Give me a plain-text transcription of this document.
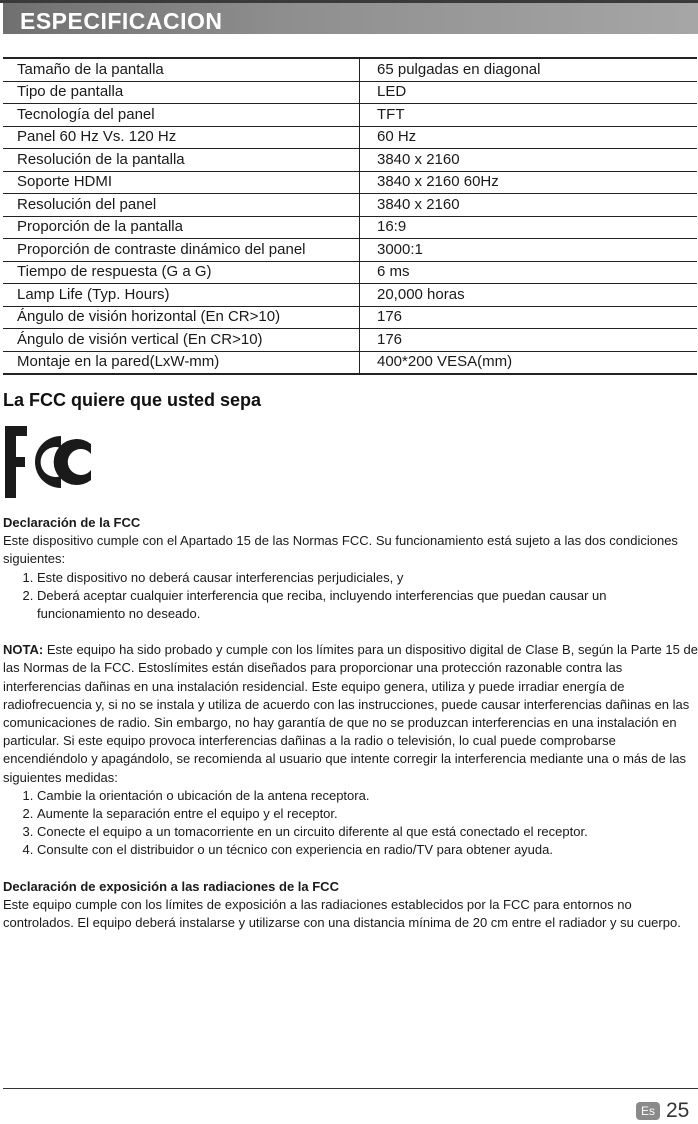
ESPECIFICACION
Tamaño de la pantalla	65 pulgadas en diagonal
Tipo de pantalla	LED
Tecnología del panel	TFT
Panel 60 Hz Vs. 120 Hz	60 Hz
Resolución de la pantalla	3840 x 2160
Soporte HDMI	3840 x 2160 60Hz
Resolución del panel	3840 x 2160
Proporción de la pantalla	16:9
Proporción de contraste dinámico del panel	3000:1
Tiempo de respuesta (G a G)	6 ms
Lamp Life (Typ. Hours)	20,000 horas
Ángulo de visión horizontal (En CR>10)	176
Ángulo de visión vertical (En CR>10)	176
Montaje en la pared(LxW-mm)	400*200 VESA(mm)
La FCC quiere que usted sepa

Declaración de la FCC

Este dispositivo cumple con el Apartado 15 de las Normas FCC. Su funcionamiento está sujeto a las dos condiciones siguientes:

1. Este dispositivo no deberá causar interferencias perjudiciales, y
2. Deberá aceptar cualquier interferencia que reciba, incluyendo interferencias que puedan causar un funcionamiento no deseado.

NOTA: Este equipo ha sido probado y cumple con los límites para un dispositivo digital de Clase B, según la Parte 15 de las Normas de la FCC. Estoslímites están diseñados para proporcionar una protección razonable contra las interferencias dañinas en una instalación residencial. Este equipo genera, utiliza y puede irradiar energía de radiofrecuencia y, si no se instala y utiliza de acuerdo con las instrucciones, puede causar interferencias dañinas en las comunicaciones de radio. Sin embargo, no hay garantía de que no se produzcan interferencias en una instalación en particular. Si este equipo provoca interferencias dañinas a la radio o televisión, lo cual puede comprobarse encendiéndolo y apagándolo, se recomienda al usuario que intente corregir la interferencia mediante una o más de las siguientes medidas:

1. Cambie la orientación o ubicación de la antena receptora.
2. Aumente la separación entre el equipo y el receptor.
3. Conecte el equipo a un tomacorriente en un circuito diferente al que está conectado el receptor.
4. Consulte con el distribuidor o un técnico con experiencia en radio/TV para obtener ayuda.

Declaración de exposición a las radiaciones de la FCC

Este equipo cumple con los límites de exposición a las radiaciones establecidos por la FCC para entornos no controlados. El equipo deberá instalarse y utilizarse con una distancia mínima de 20 cm entre el radiador y su cuerpo.

Es 25
